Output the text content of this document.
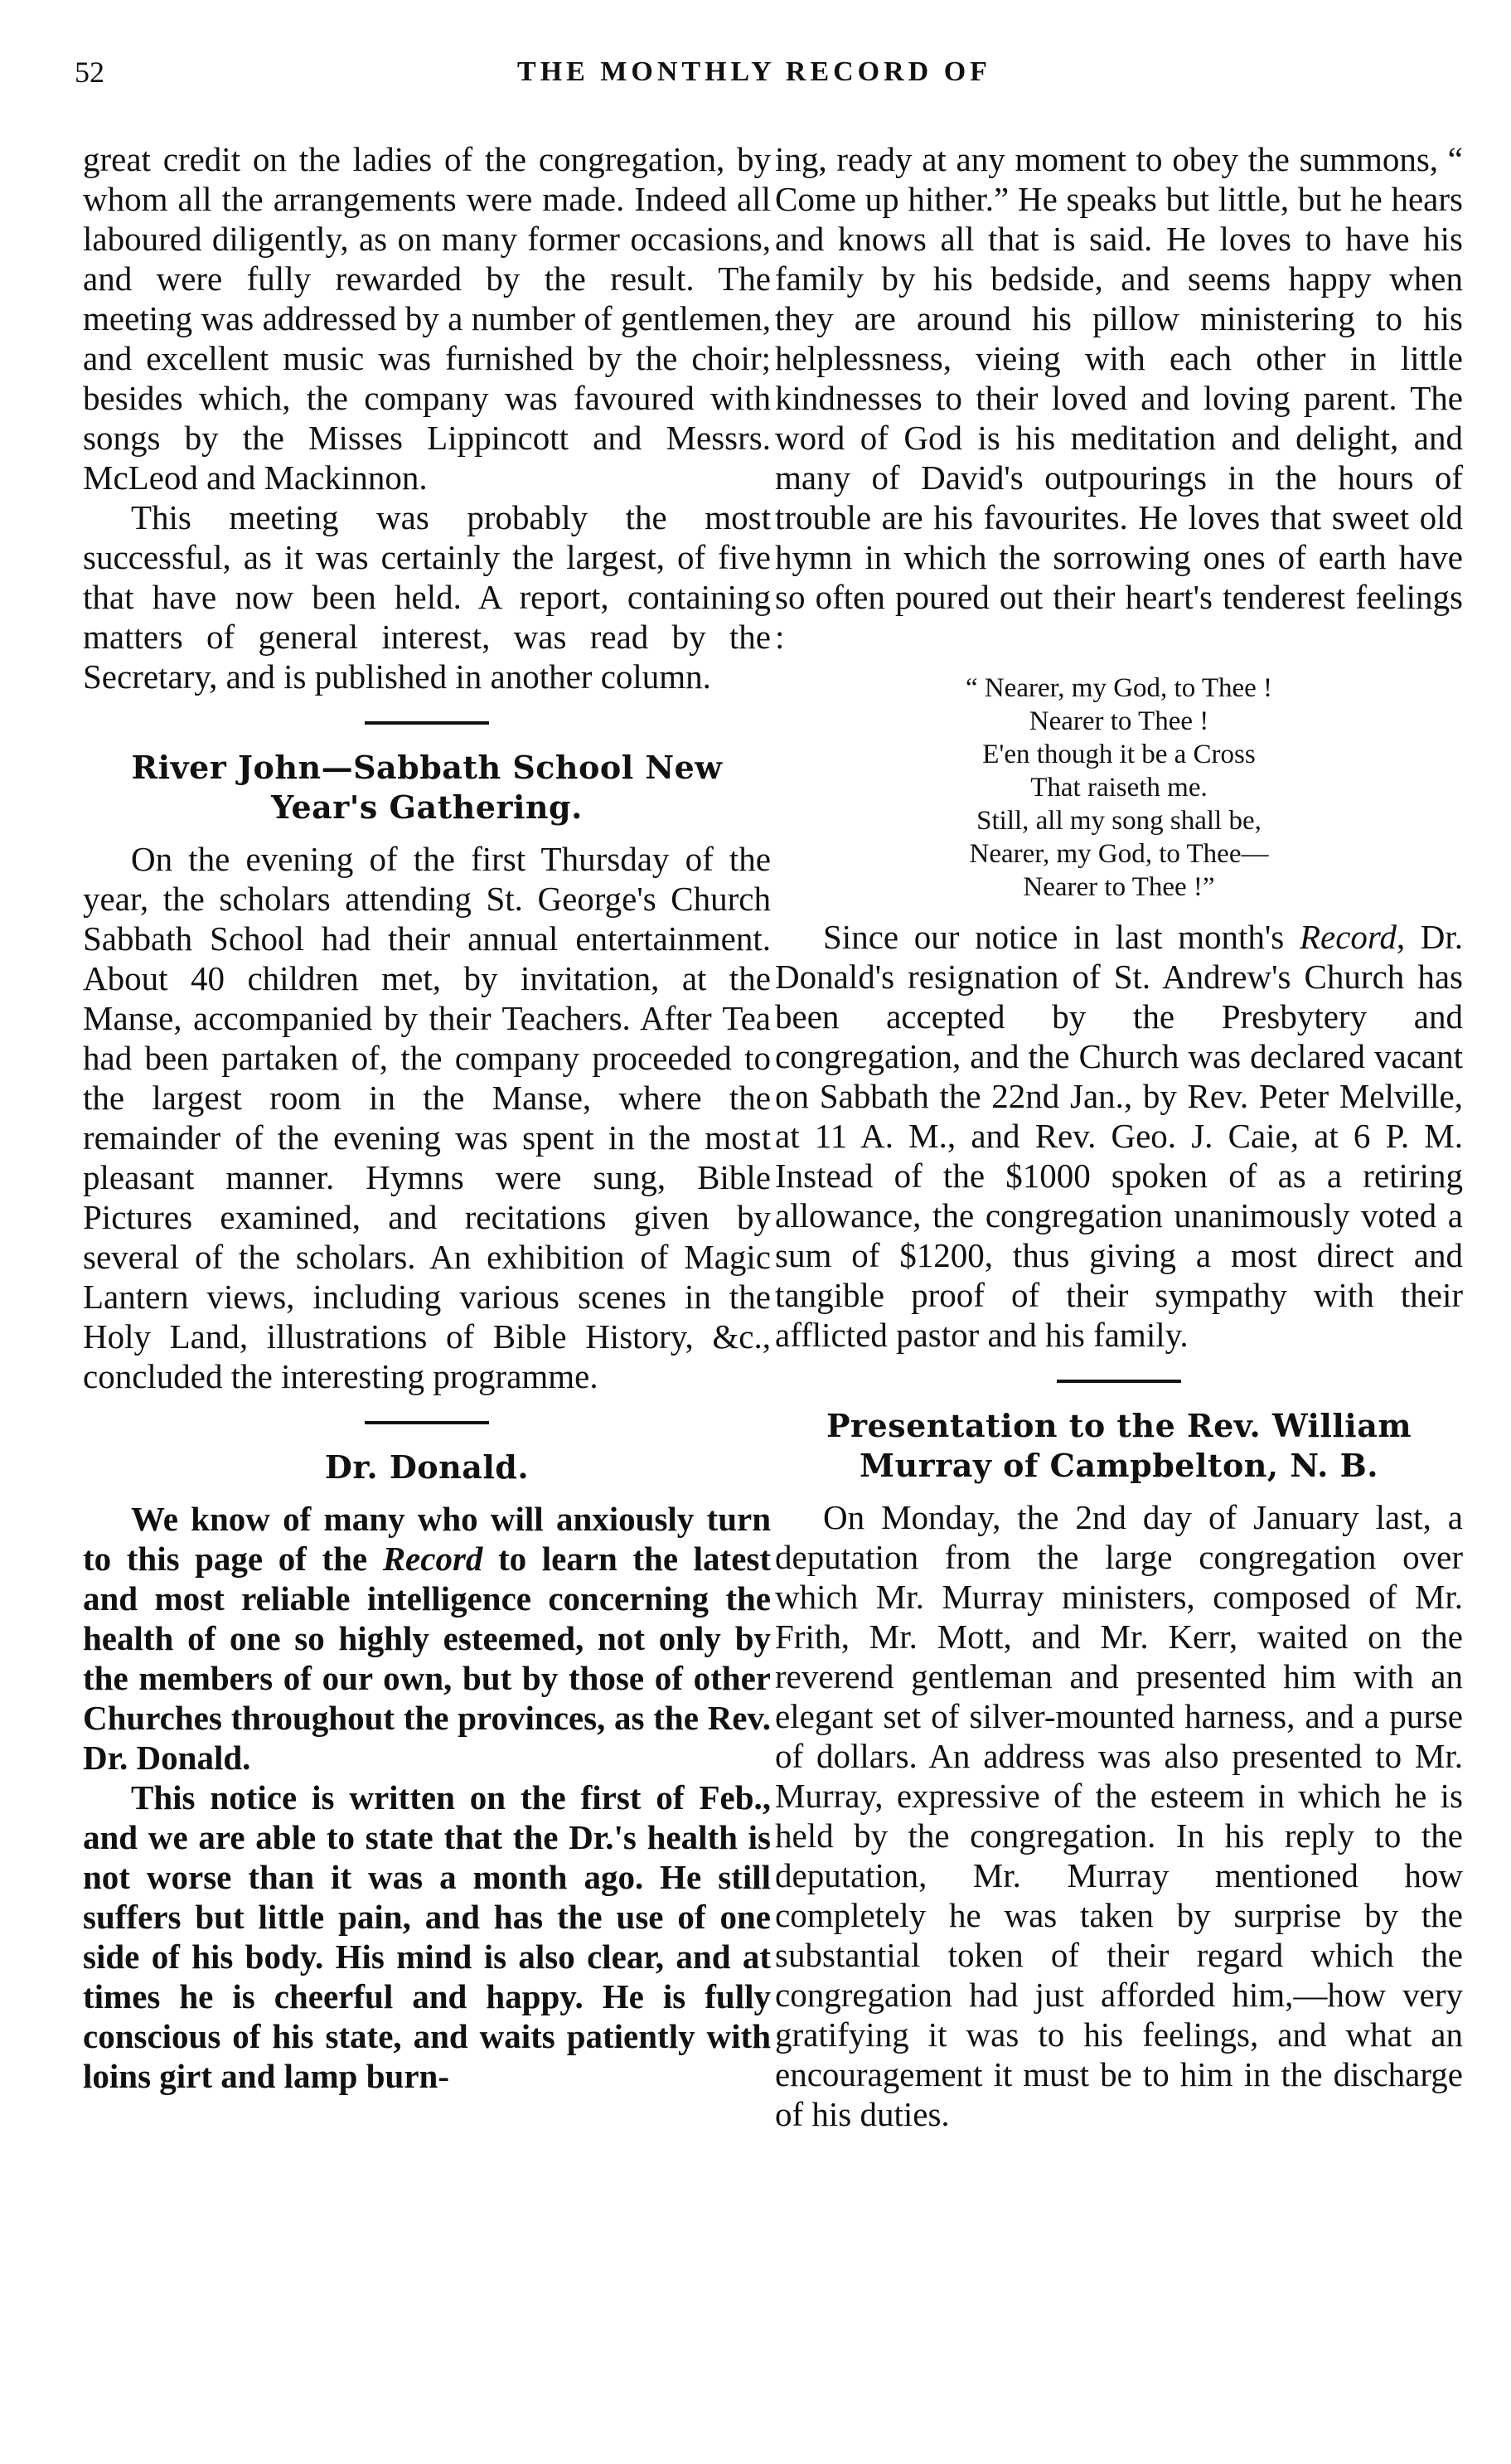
52	THE MONTHLY RECORD OF

great credit on the ladies of the congregation, by whom all the arrangements were made. Indeed all laboured diligently, as on many former occasions, and were fully rewarded by the result. The meeting was addressed by a number of gentlemen, and excellent music was furnished by the choir; besides which, the company was favoured with songs by the Misses Lippincott and Messrs. McLeod and Mackinnon.

This meeting was probably the most successful, as it was certainly the largest, of five that have now been held. A report, containing matters of general interest, was read by the Secretary, and is published in another column.

River John—Sabbath School New Year's Gathering.

On the evening of the first Thursday of the year, the scholars attending St. George's Church Sabbath School had their annual entertainment. About 40 children met, by invitation, at the Manse, accompanied by their Teachers. After Tea had been partaken of, the company proceeded to the largest room in the Manse, where the remainder of the evening was spent in the most pleasant manner. Hymns were sung, Bible Pictures examined, and recitations given by several of the scholars. An exhibition of Magic Lantern views, including various scenes in the Holy Land, illustrations of Bible History, &c., concluded the interesting programme.

Dr. Donald.

We know of many who will anxiously turn to this page of the Record to learn the latest and most reliable intelligence concerning the health of one so highly esteemed, not only by the members of our own, but by those of other Churches throughout the provinces, as the Rev. Dr. Donald.

This notice is written on the first of Feb., and we are able to state that the Dr.'s health is not worse than it was a month ago. He still suffers but little pain, and has the use of one side of his body. His mind is also clear, and at times he is cheerful and happy. He is fully conscious of his state, and waits patiently with loins girt and lamp burn-

ing, ready at any moment to obey the summons, “ Come up hither.” He speaks but little, but he hears and knows all that is said. He loves to have his family by his bedside, and seems happy when they are around his pillow ministering to his helplessness, vieing with each other in little kindnesses to their loved and loving parent. The word of God is his meditation and delight, and many of David's outpourings in the hours of trouble are his favourites. He loves that sweet old hymn in which the sorrowing ones of earth have so often poured out their heart's tenderest feelings :

“ Nearer, my God, to Thee !
Nearer to Thee !
E'en though it be a Cross
That raiseth me.
Still, all my song shall be,
Nearer, my God, to Thee—
Nearer to Thee !”

Since our notice in last month's Record, Dr. Donald's resignation of St. Andrew's Church has been accepted by the Presbytery and congregation, and the Church was declared vacant on Sabbath the 22nd Jan., by Rev. Peter Melville, at 11 A. M., and Rev. Geo. J. Caie, at 6 P. M. Instead of the $1000 spoken of as a retiring allowance, the congregation unanimously voted a sum of $1200, thus giving a most direct and tangible proof of their sympathy with their afflicted pastor and his family.

Presentation to the Rev. William Murray of Campbelton, N. B.

On Monday, the 2nd day of January last, a deputation from the large congregation over which Mr. Murray ministers, composed of Mr. Frith, Mr. Mott, and Mr. Kerr, waited on the reverend gentleman and presented him with an elegant set of silver-mounted harness, and a purse of dollars. An address was also presented to Mr. Murray, expressive of the esteem in which he is held by the congregation. In his reply to the deputation, Mr. Murray mentioned how completely he was taken by surprise by the substantial token of their regard which the congregation had just afforded him,—how very gratifying it was to his feelings, and what an encouragement it must be to him in the discharge of his duties.
